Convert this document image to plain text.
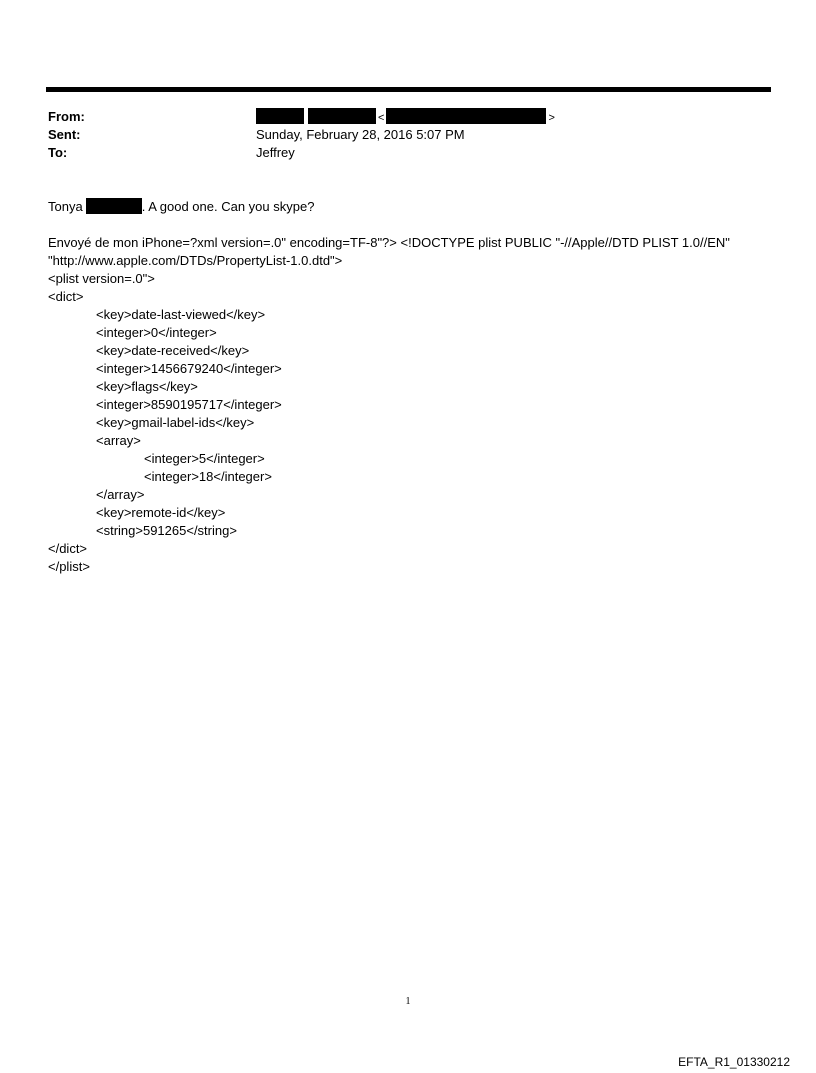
From:	<	>
Sent:	Sunday, February 28, 2016 5:07 PM
To:	Jeffrey
Tonya	. A good one. Can you skype?
Envoyé de mon iPhone=?xml version=.0" encoding=TF-8"?> <!DOCTYPE plist PUBLIC "-//Apple//DTD PLIST 1.0//EN"
"http://www.apple.com/DTDs/PropertyList-1.0.dtd">
<plist version=.0">
<dict>
<key>date-last-viewed</key>
<integer>0</integer>
<key>date-received</key>
<integer>1456679240</integer>
<key>flags</key>
<integer>8590195717</integer>
<key>gmail-label-ids</key>
<array>
<integer>5</integer>
<integer>18</integer>
</array>
<key>remote-id</key>
<string>591265</string>
</dict>
</plist>
1
EFTA_R1_01330212
